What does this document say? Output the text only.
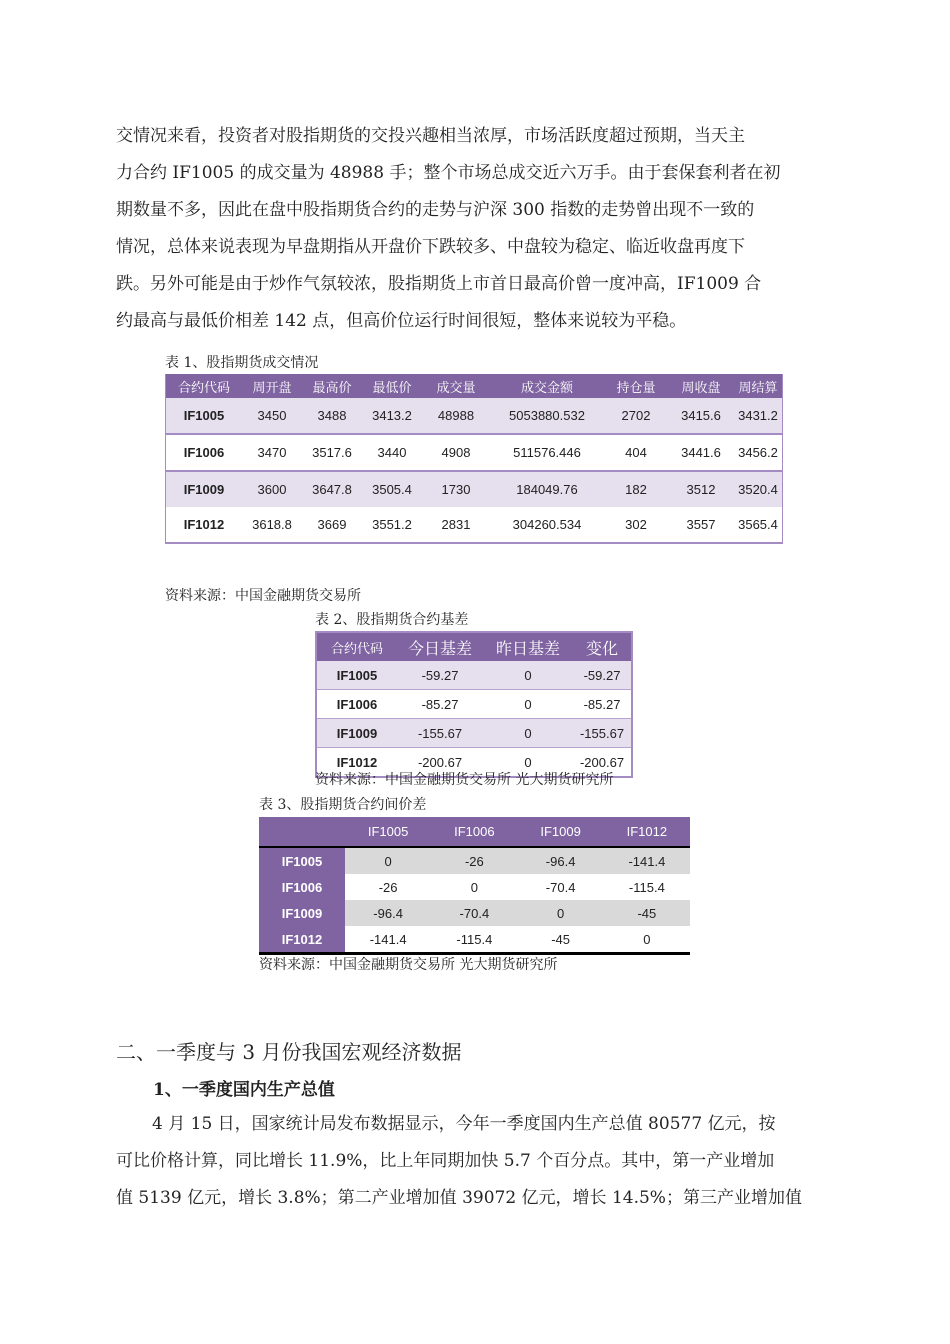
交情况来看，投资者对股指期货的交投兴趣相当浓厚，市场活跃度超过预期，当天主
力合约 IF1005 的成交量为 48988 手；整个市场总成交近六万手。由于套保套利者在初
期数量不多，因此在盘中股指期货合约的走势与沪深 300 指数的走势曾出现不一致的
情况，总体来说表现为早盘期指从开盘价下跌较多、中盘较为稳定、临近收盘再度下
跌。另外可能是由于炒作气氛较浓，股指期货上市首日最高价曾一度冲高，IF1009 合
约最高与最低价相差 142 点，但高价位运行时间很短，整体来说较为平稳。
表 1、股指期货成交情况
合约代码	周开盘	最高价	最低价	成交量	成交金额	持仓量	周收盘	周结算
IF1005	3450	3488	3413.2	48988	5053880.532	2702	3415.6	3431.2
IF1006	3470	3517.6	3440	4908	511576.446	404	3441.6	3456.2
IF1009	3600	3647.8	3505.4	1730	184049.76	182	3512	3520.4
IF1012	3618.8	3669	3551.2	2831	304260.534	302	3557	3565.4
资料来源：中国金融期货交易所
表 2、股指期货合约基差
合约代码	今日基差	昨日基差	变化
IF1005	-59.27	0	-59.27
IF1006	-85.27	0	-85.27
IF1009	-155.67	0	-155.67
IF1012	-200.67	0	-200.67
资料来源：中国金融期货交易所 光大期货研究所
表 3、股指期货合约间价差
	IF1005	IF1006	IF1009	IF1012
IF1005	0	-26	-96.4	-141.4
IF1006	-26	0	-70.4	-115.4
IF1009	-96.4	-70.4	0	-45
IF1012	-141.4	-115.4	-45	0
资料来源：中国金融期货交易所 光大期货研究所
二、一季度与 3 月份我国宏观经济数据
1、一季度国内生产总值
4 月 15 日，国家统计局发布数据显示，今年一季度国内生产总值 80577 亿元，按
可比价格计算，同比增长 11.9%，比上年同期加快 5.7 个百分点。其中，第一产业增加
值 5139 亿元，增长 3.8%；第二产业增加值 39072 亿元，增长 14.5%；第三产业增加值
